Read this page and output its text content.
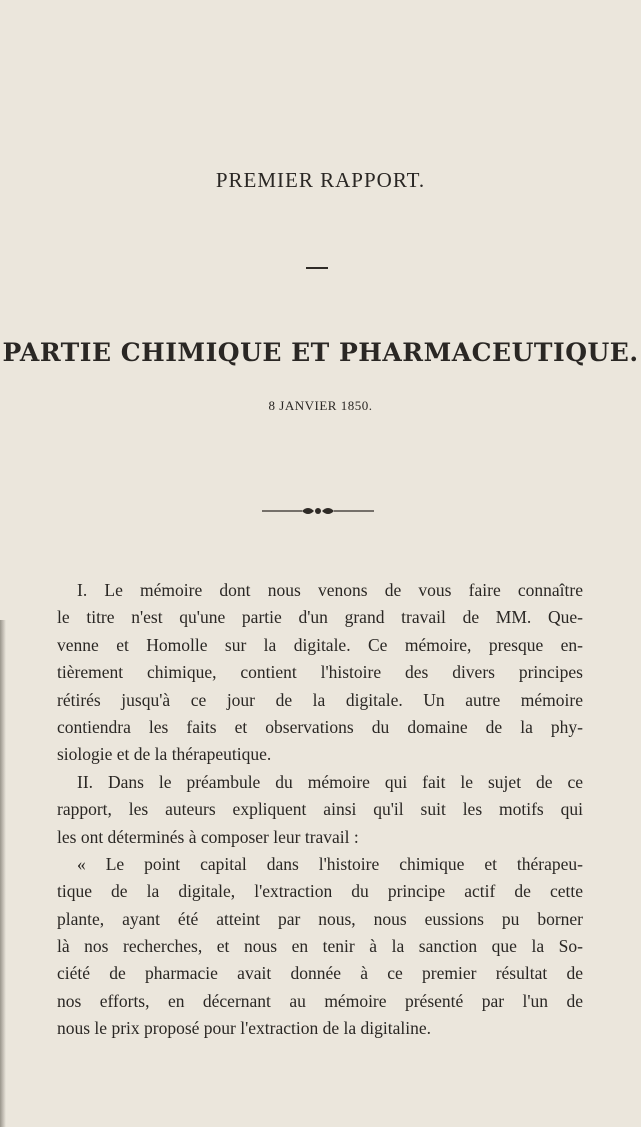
PREMIER RAPPORT.
PARTIE CHIMIQUE ET PHARMACEUTIQUE.
8 JANVIER 1850.
I. Le mémoire dont nous venons de vous faire connaître
le titre n'est qu'une partie d'un grand travail de MM. Que-
venne et Homolle sur la digitale. Ce mémoire, presque en-
tièrement chimique, contient l'histoire des divers principes
rétirés jusqu'à ce jour de la digitale. Un autre mémoire
contiendra les faits et observations du domaine de la phy-
siologie et de la thérapeutique.
II. Dans le préambule du mémoire qui fait le sujet de ce
rapport, les auteurs expliquent ainsi qu'il suit les motifs qui
les ont déterminés à composer leur travail :
« Le point capital dans l'histoire chimique et thérapeu-
tique de la digitale, l'extraction du principe actif de cette
plante, ayant été atteint par nous, nous eussions pu borner
là nos recherches, et nous en tenir à la sanction que la So-
ciété de pharmacie avait donnée à ce premier résultat de
nos efforts, en décernant au mémoire présenté par l'un de
nous le prix proposé pour l'extraction de la digitaline.
